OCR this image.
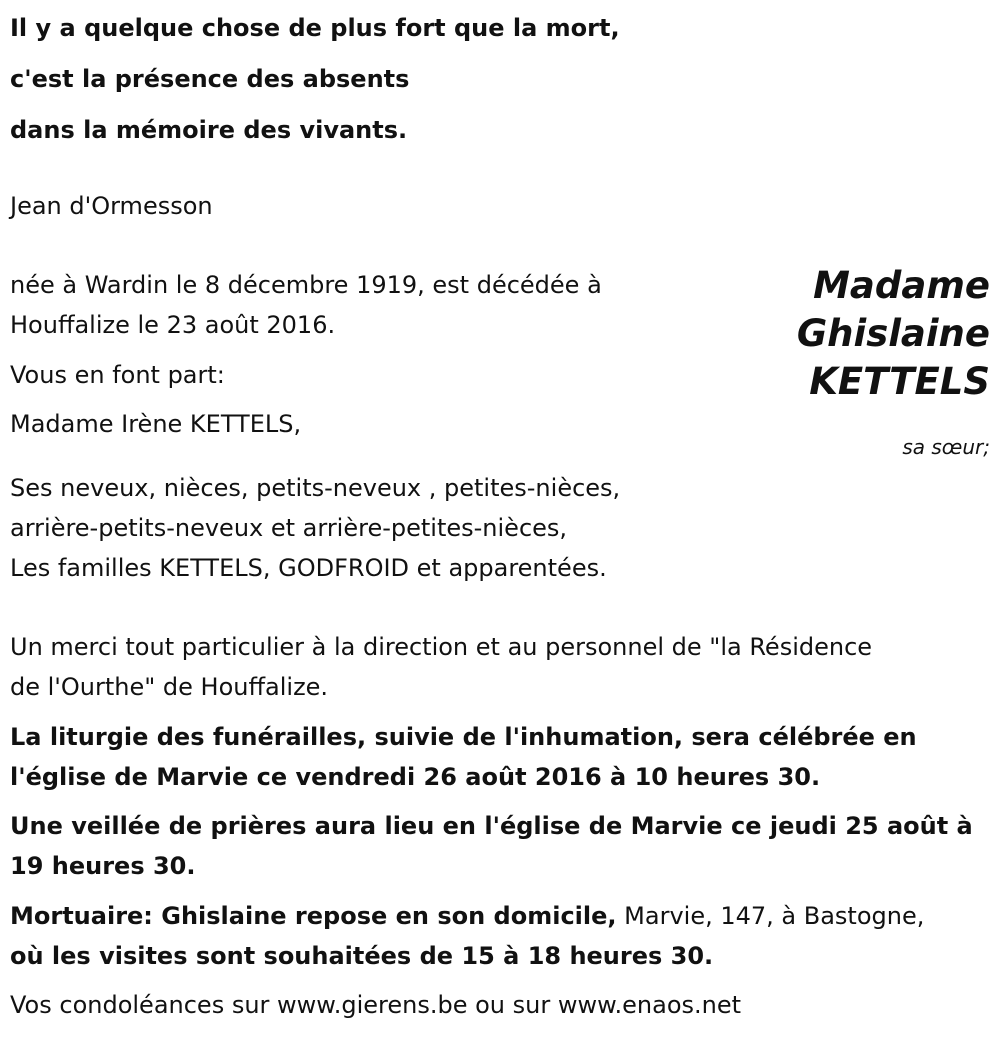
Il y a quelque chose de plus fort que la mort,
c'est la présence des absents
dans la mémoire des vivants.
Jean d'Ormesson
Madame
Ghislaine
KETTELS
née à Wardin le 8 décembre 1919, est décédée à
Houffalize le 23 août 2016.
Vous en font part:
Madame Irène KETTELS,
sa sœur;
Ses neveux, nièces, petits-neveux , petites-nièces,
arrière-petits-neveux et arrière-petites-nièces,
Les familles KETTELS, GODFROID et apparentées.
Un merci tout particulier à la direction et au personnel de "la Résidence
de l'Ourthe" de Houffalize.
La liturgie des funérailles, suivie de l'inhumation, sera célébrée en
l'église de Marvie ce vendredi 26 août 2016 à 10 heures 30.
Une veillée de prières aura lieu en l'église de Marvie ce jeudi 25 août à
19 heures 30.
Mortuaire: Ghislaine repose en son domicile, Marvie, 147, à Bastogne,
où les visites sont souhaitées de 15 à 18 heures 30.
Vos condoléances sur www.gierens.be ou sur www.enaos.net
